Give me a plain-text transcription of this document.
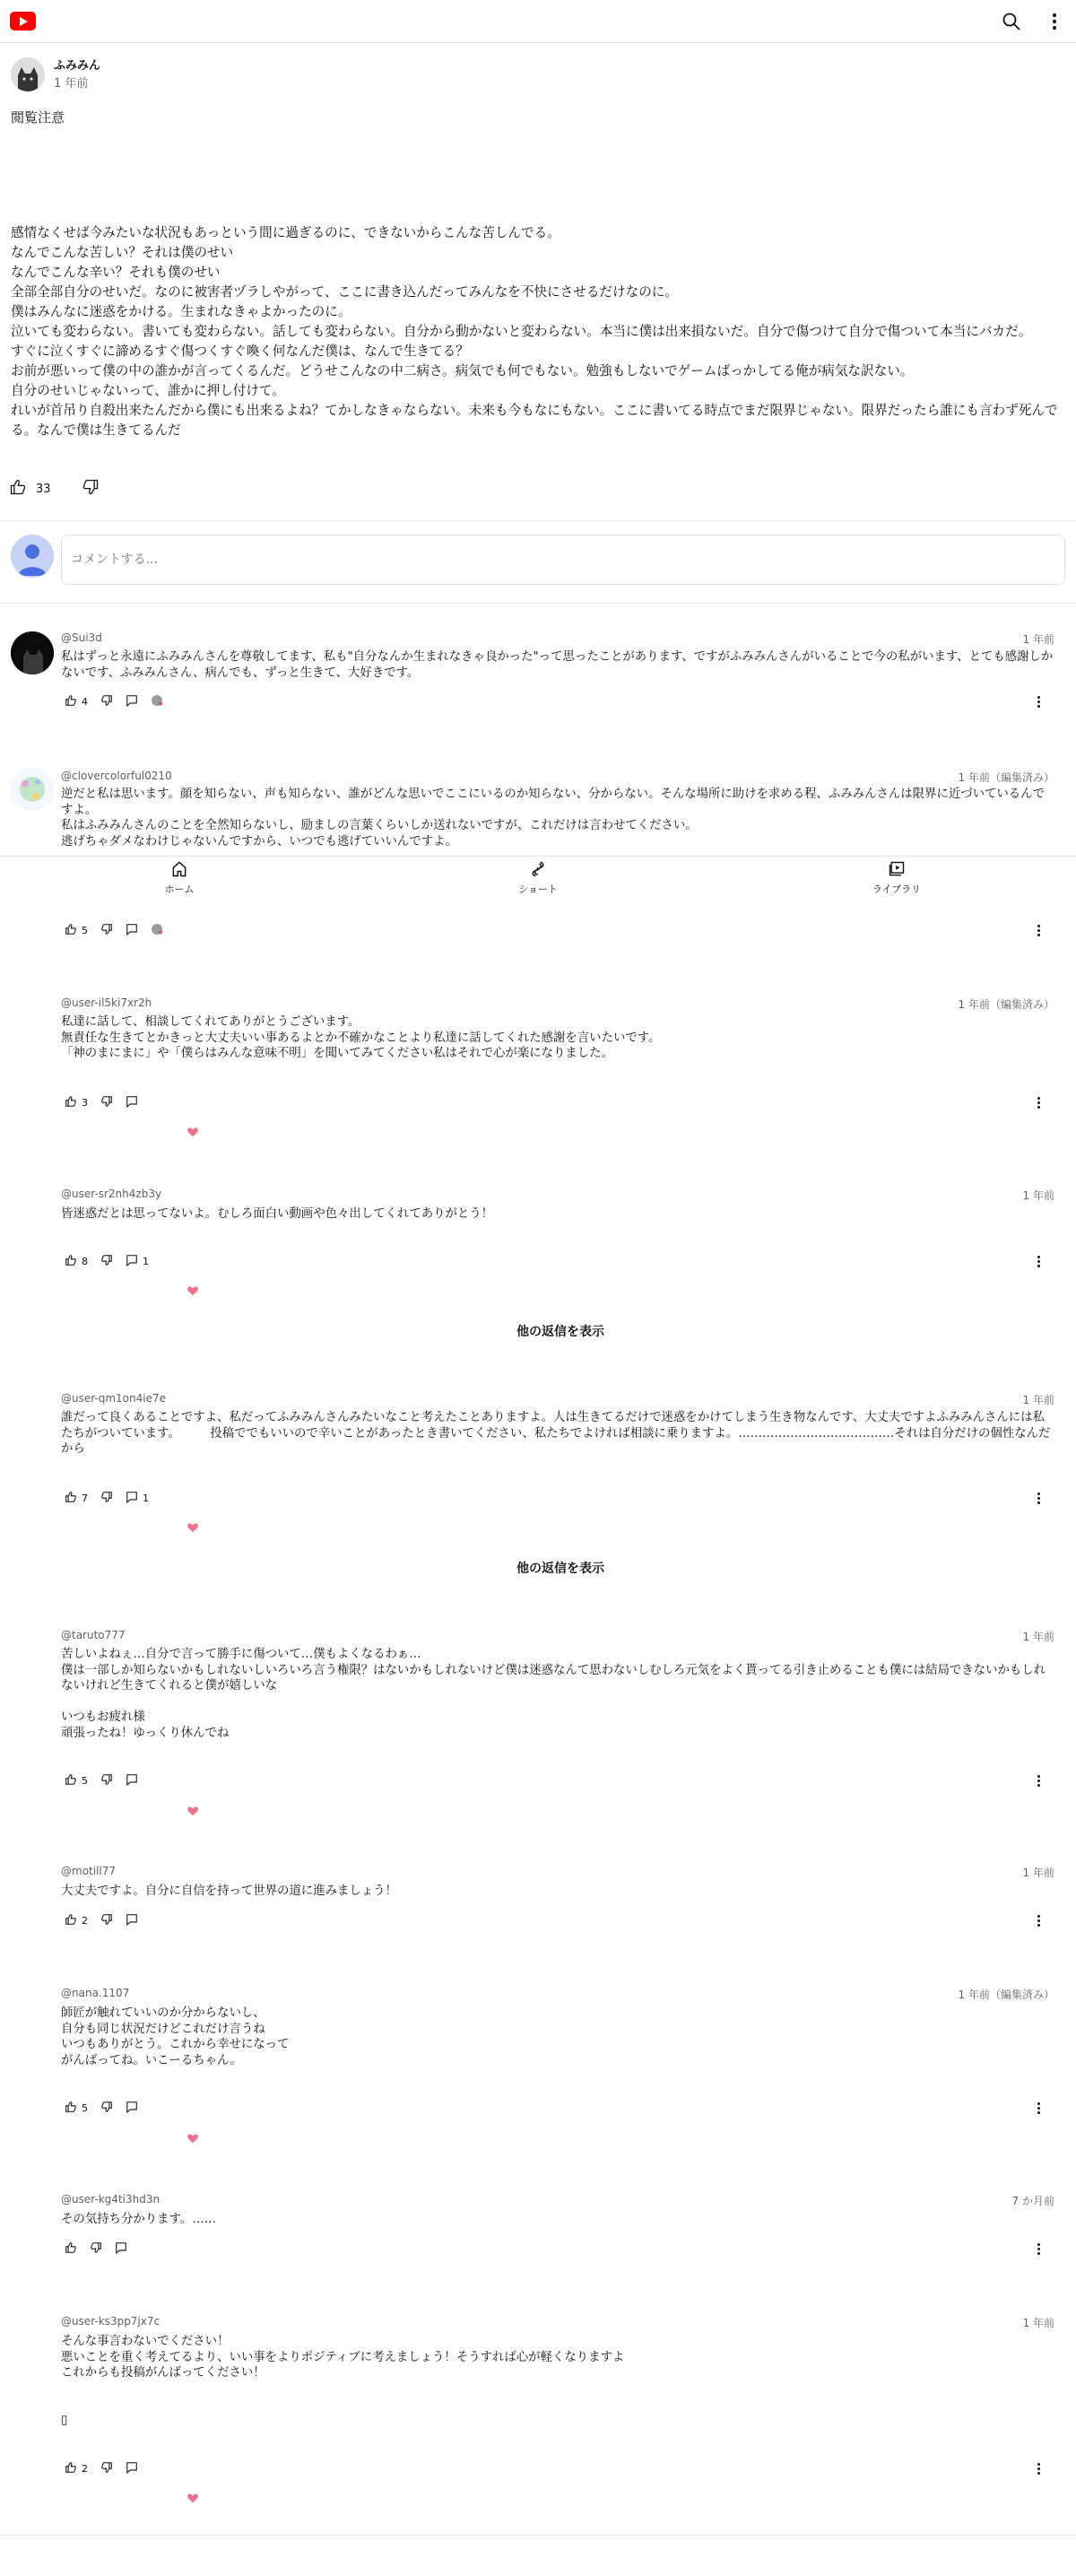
ふみみん
1 年前
閲覧注意
感情なくせば今みたいな状況もあっという間に過ぎるのに、できないからこんな苦しんでる。
なんでこんな苦しい？それは僕のせい
なんでこんな辛い？それも僕のせい
全部全部自分のせいだ。なのに被害者ヅラしやがって、ここに書き込んだってみんなを不快にさせるだけなのに。
僕はみんなに迷惑をかける。生まれなきゃよかったのに。
泣いても変わらない。書いても変わらない。話しても変わらない。自分から動かないと変わらない。本当に僕は出来損ないだ。自分で傷つけて自分で傷ついて本当にバカだ。
すぐに泣くすぐに諦めるすぐ傷つくすぐ喚く何なんだ僕は、なんで生きてる？
お前が悪いって僕の中の誰かが言ってくるんだ。どうせこんなの中二病さ。病気でも何でもない。勉強もしないでゲームばっかしてる俺が病気な訳ない。
自分のせいじゃないって、誰かに押し付けて。
れいが首吊り自殺出来たんだから僕にも出来るよね？てかしなきゃならない。未来も今もなにもない。ここに書いてる時点でまだ限界じゃない。限界だったら誰にも言わず死んでる。なんで僕は生きてるんだ
33
コメントする...
@Sui3d	1 年前
私はずっと永遠にふみみんさんを尊敬してます、私も"自分なんか生まれなきゃ良かった"って思ったことがあります、ですがふみみんさんがいることで今の私がいます、とても感謝しかないです、ふみみんさん、病んでも、ずっと生きて、大好きです。
4
@clovercolorful0210	1 年前（編集済み）
逆だと私は思います。顔を知らない、声も知らない、誰がどんな思いでここにいるのか知らない、分からない。そんな場所に助けを求める程、ふみみんさんは限界に近づいているんですよ。
私はふみみんさんのことを全然知らないし、励ましの言葉くらいしか送れないですが、これだけは言わせてください。
逃げちゃダメなわけじゃないんですから、いつでも逃げていいんですよ。
5
@user-il5ki7xr2h	1 年前（編集済み）
私達に話して、相談してくれてありがとうございます。
無責任な生きてとかきっと大丈夫いい事あるよとか不確かなことより私達に話してくれた感謝を言いたいです。
「神のまにまに」や「僕らはみんな意味不明」を聞いてみてください私はそれで心が楽になりました。
3
@user-sr2nh4zb3y	1 年前
皆迷惑だとは思ってないよ。むしろ面白い動画や色々出してくれてありがとう！
8	1
他の返信を表示
@user-qm1on4ie7e	1 年前
誰だって良くあることですよ、私だってふみみんさんみたいなこと考えたことありますよ。人は生きてるだけで迷惑をかけてしまう生き物なんです、大丈夫ですよふみみんさんには私たちがついています。　　　投稿ででもいいので辛いことがあったとき書いてください、私たちでよければ相談に乗りますよ。…………………………………それは自分だけの個性なんだから
7	1
他の返信を表示
@taruto777	1 年前
苦しいよねぇ…自分で言って勝手に傷ついて…僕もよくなるわぁ…
僕は一部しか知らないかもしれないしいろいろ言う権限？はないかもしれないけど僕は迷惑なんて思わないしむしろ元気をよく貰ってる引き止めることも僕には結局できないかもしれないけれど生きてくれると僕が嬉しいな

いつもお疲れ様
頑張ったね！ゆっくり休んでね
5
@motill77	1 年前
大丈夫ですよ。自分に自信を持って世界の道に進みましょう！
2
@nana.1107	1 年前（編集済み）
師匠が触れていいのか分からないし、
自分も同じ状況だけどこれだけ言うね
いつもありがとう。これから幸せになって
がんばってね。いこーるちゃん。
5
@user-kg4ti3hd3n	7 か月前
その気持ち分かります。……
@user-ks3pp7jx7c	1 年前
そんな事言わないでください！
悪いことを重く考えてるより、いい事をよりポジティブに考えましょう！そうすれば心が軽くなりますよ
これからも投稿がんばってください！

▯
2
ホーム	ショート	ライブラリ
